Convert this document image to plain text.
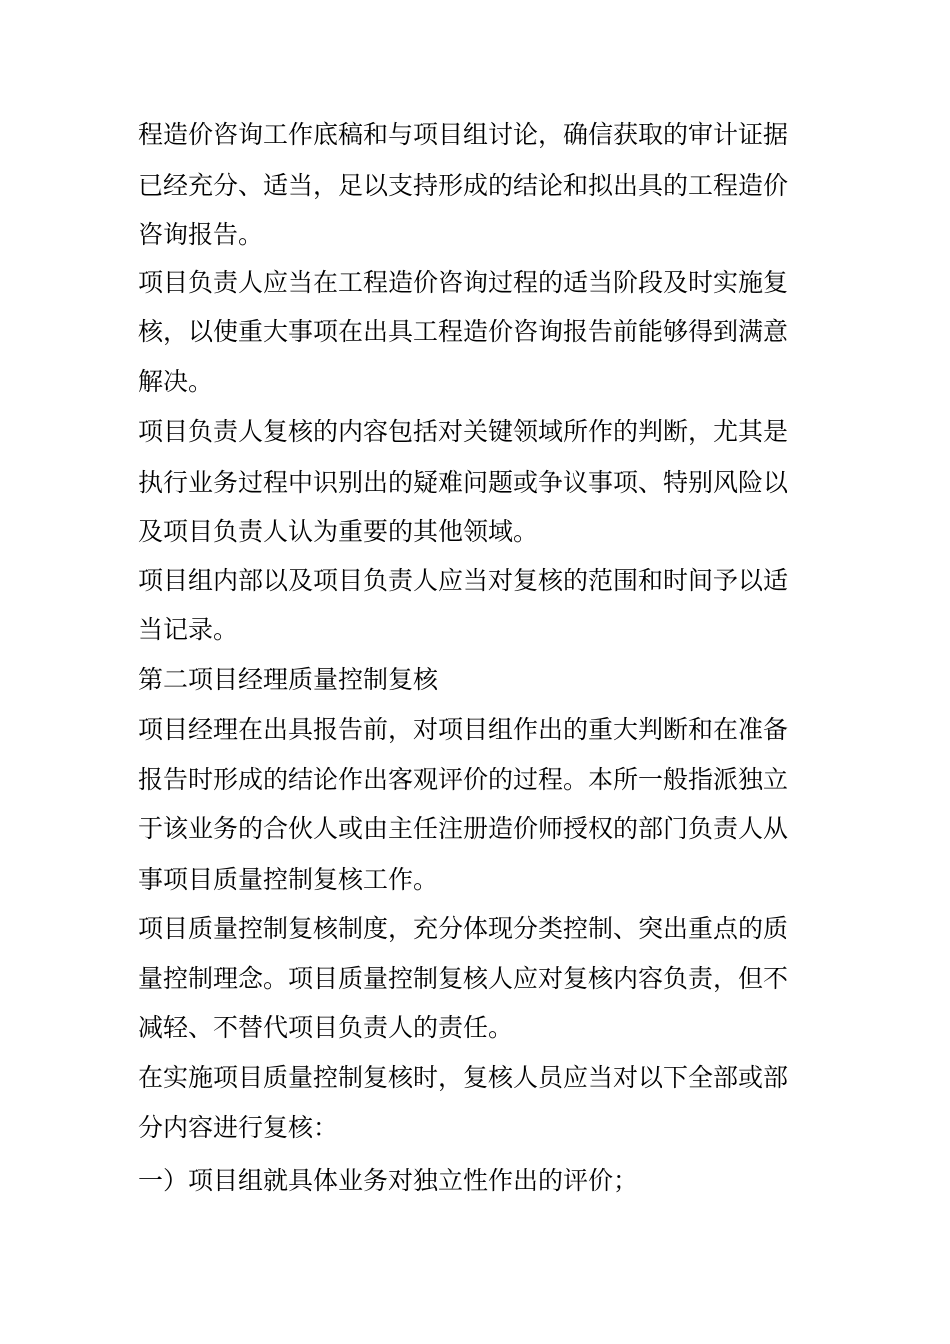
程造价咨询工作底稿和与项目组讨论，确信获取的审计证据
已经充分、适当，足以支持形成的结论和拟出具的工程造价
咨询报告。
项目负责人应当在工程造价咨询过程的适当阶段及时实施复
核，以使重大事项在出具工程造价咨询报告前能够得到满意
解决。
项目负责人复核的内容包括对关键领域所作的判断，尤其是
执行业务过程中识别出的疑难问题或争议事项、特别风险以
及项目负责人认为重要的其他领域。
项目组内部以及项目负责人应当对复核的范围和时间予以适
当记录。
第二项目经理质量控制复核
项目经理在出具报告前，对项目组作出的重大判断和在准备
报告时形成的结论作出客观评价的过程。本所一般指派独立
于该业务的合伙人或由主任注册造价师授权的部门负责人从
事项目质量控制复核工作。
项目质量控制复核制度，充分体现分类控制、突出重点的质
量控制理念。项目质量控制复核人应对复核内容负责，但不
减轻、不替代项目负责人的责任。
在实施项目质量控制复核时，复核人员应当对以下全部或部
分内容进行复核：
一）项目组就具体业务对独立性作出的评价；
